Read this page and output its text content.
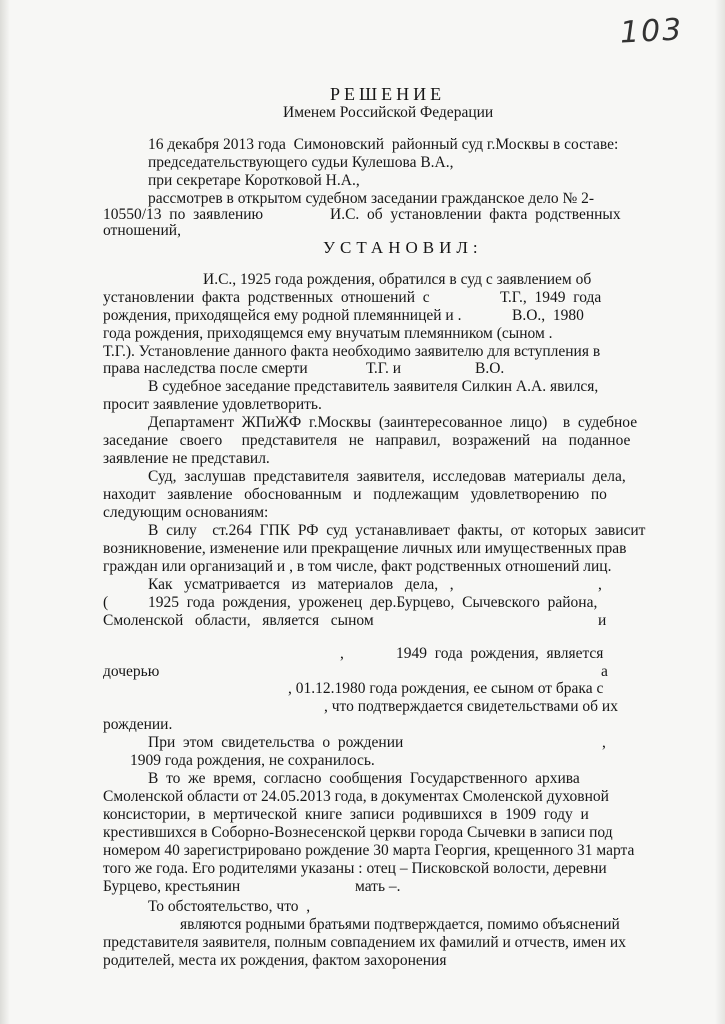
103
РЕШЕНИЕ
Именем Российской Федерации
УСТАНОВИЛ:
16 декабря 2013 года  Симоновский  районный суд г.Москвы в составе:
председательствующего судьи Кулешова В.А.,
при секретаре Коротковой Н.А.,
рассмотрев в открытом судебном заседании гражданское дело № 2-
10550/13  по  заявлению	И.С.  об  установлении  факта  родственных
отношений,
И.С., 1925 года рождения, обратился в суд с заявлением об
установлении  факта  родственных  отношений  с	Т.Г.,  1949  года
рождения, приходящейся ему родной племянницей и .	В.О.,  1980
года рождения, приходящемся ему внучатым племянником (сыном .
Т.Г.). Установление данного факта необходимо заявителю для вступления в
права наследства после смерти	Т.Г. и	В.О.
В судебное заседание представитель заявителя Силкин А.А. явился,
просит заявление удовлетворить.
Департамент  ЖПиЖФ  г.Москвы  (заинтересованное  лицо)    в  судебное
заседание   своего     представителя   не   направил,   возражений   на   поданное
заявление не представил.
Суд,  заслушав  представителя  заявителя,  исследовав  материалы  дела,
находит   заявление   обоснованным   и   подлежащим   удовлетворению   по
следующим основаниям:
В  силу    ст.264  ГПК  РФ  суд  устанавливает  факты,  от  которых  зависит
возникновение, изменение или прекращение личных или имущественных прав
граждан или организаций и , в том числе, факт родственных отношений лиц.
Как   усматривается   из   материалов   дела,   ,	,
(	1925  года  рождения,  уроженец  дер.Бурцево,  Сычевского  района,
Смоленской   области,   является   сыном	и
,	1949  года  рождения,  является
дочерью	а
, 01.12.1980 года рождения, ее сыном от брака с
, что подтверждается свидетельствами об их
рождении.
При  этом  свидетельства  о  рождении	,
1909 года рождения, не сохранилось.
В  то  же  время,  согласно  сообщения  Государственного  архива
Смоленской области от 24.05.2013 года, в документах Смоленской духовной
консистории,  в  мертической  книге  записи  родившихся  в  1909  году  и
крестившихся в Соборно-Вознесенской церкви города Сычевки в записи под
номером 40 зарегистрировано рождение 30 марта Георгия, крещенного 31 марта
того же года. Его родителями указаны : отец – Писковской волости, деревни
Бурцево, крестьянин	мать –.
То обстоятельство, что  ,
являются родными братьями подтверждается, помимо объяснений
представителя заявителя, полным совпадением их фамилий и отчеств, имен их
родителей, места их рождения, фактом захоронения
